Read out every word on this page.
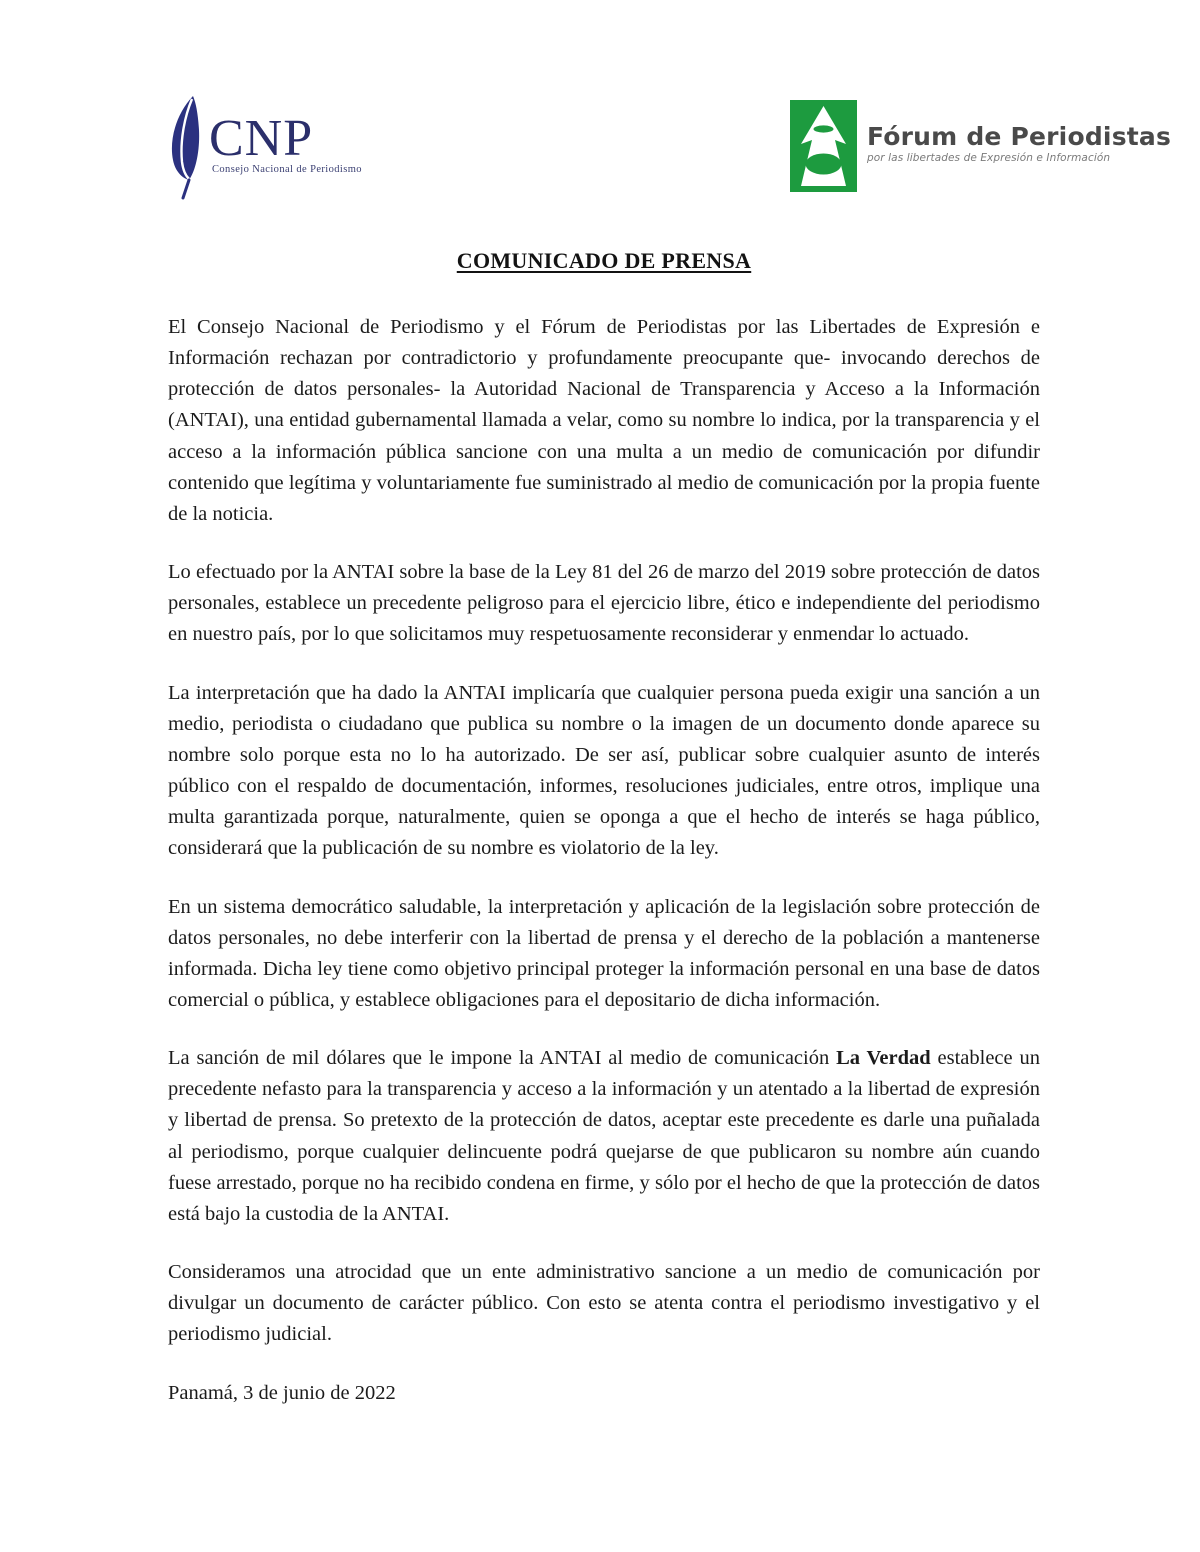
CNP
Consejo Nacional de Periodismo
Fórum de Periodistas
por las libertades de Expresión e Información
COMUNICADO DE PRENSA

El Consejo Nacional de Periodismo y el Fórum de Periodistas por las Libertades de Expresión e Información rechazan por contradictorio y profundamente preocupante que- invocando derechos de protección de datos personales- la Autoridad Nacional de Transparencia y Acceso a la Información (ANTAI), una entidad gubernamental llamada a velar, como su nombre lo indica, por la transparencia y el acceso a la información pública sancione con una multa a un medio de comunicación por difundir contenido que legítima y voluntariamente fue suministrado al medio de comunicación por la propia fuente de la noticia.

Lo efectuado por la ANTAI sobre la base de la Ley 81 del 26 de marzo del 2019 sobre protección de datos personales, establece un precedente peligroso para el ejercicio libre, ético e independiente del periodismo en nuestro país, por lo que solicitamos muy respetuosamente reconsiderar y enmendar lo actuado.

La interpretación que ha dado la ANTAI implicaría que cualquier persona pueda exigir una sanción a un medio, periodista o ciudadano que publica su nombre o la imagen de un documento donde aparece su nombre solo porque esta no lo ha autorizado. De ser así, publicar sobre cualquier asunto de interés público con el respaldo de documentación, informes, resoluciones judiciales, entre otros, implique una multa garantizada porque, naturalmente, quien se oponga a que el hecho de interés se haga público, considerará que la publicación de su nombre es violatorio de la ley.

En un sistema democrático saludable, la interpretación y aplicación de la legislación sobre protección de datos personales, no debe interferir con la libertad de prensa y el derecho de la población a mantenerse informada. Dicha ley tiene como objetivo principal proteger la información personal en una base de datos comercial o pública, y establece obligaciones para el depositario de dicha información.

La sanción de mil dólares que le impone la ANTAI al medio de comunicación La Verdad establece un precedente nefasto para la transparencia y acceso a la información y un atentado a la libertad de expresión y libertad de prensa. So pretexto de la protección de datos, aceptar este precedente es darle una puñalada al periodismo, porque cualquier delincuente podrá quejarse de que publicaron su nombre aún cuando fuese arrestado, porque no ha recibido condena en firme, y sólo por el hecho de que la protección de datos está bajo la custodia de la ANTAI.

Consideramos una atrocidad que un ente administrativo sancione a un medio de comunicación por divulgar un documento de carácter público. Con esto se atenta contra el periodismo investigativo y el periodismo judicial.

Panamá, 3 de junio de 2022
